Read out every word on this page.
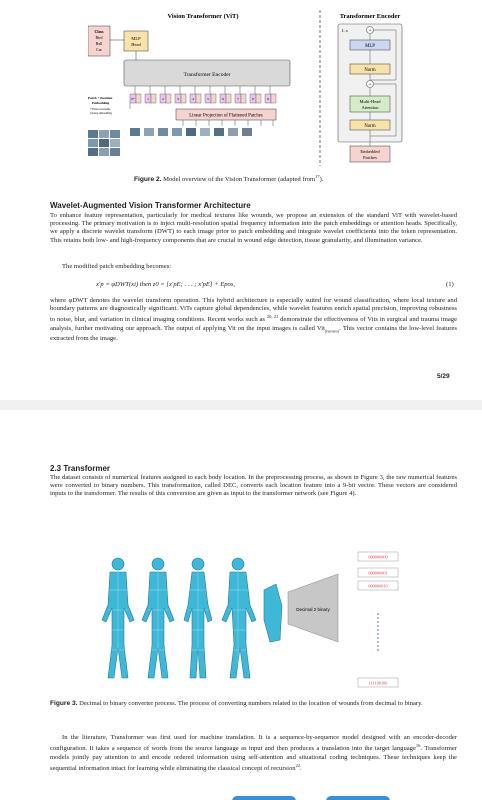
Vision Transformer (ViT)
Class
Bird
Ball
Car
MLP
Head
Transformer Encoder
0*	1	2	3	4	5	6	7	8	9
Patch + Position
Embedding
* Extra learnable
[class] embedding
Linear Projection of Flattened Patches
Transformer Encoder
L x	+
MLP
Norm
+
Multi-Head
Attention
Norm
Embedded
Patches
Figure 2. Model overview of the Vision Transformer (adapted from$^{17}$).
Wavelet-Augmented Vision Transformer Architecture
To enhance feature representation, particularly for medical textures like wounds, we propose an extension of the standard ViT with wavelet-based processing. The primary motivation is to inject multi-resolution spatial frequency information into the patch embeddings or attention heads. Specifically, we apply a discrete wavelet transform (DWT) to each image prior to patch embedding and integrate wavelet coefficients into the token representation. This retains both low- and high-frequency components that are crucial in wound edge detection, tissue granularity, and illumination variance.
The modified patch embedding becomes:
x′p = φDWT(xi) then z0 = [x′pE; . . . ; x′pE] + Epos,	(1)
where φDWT denotes the wavelet transform operation. This hybrid architecture is especially suited for wound classification, where local texture and boundary patterns are diagnostically significant. ViTs capture global dependencies, while wavelet features enrich spatial precision, improving robustness to noise, blur, and variation in clinical imaging conditions. Recent works such as $^{20, 21}$ demonstrate the effectiveness of Vits in surgical and trauma image analysis, further motivating our approach. The output of applying Vit on the input images is called Vit$_{features}$. This vector contains the low-level features extracted from the image.
5/29
2.3 Transformer
The dataset consists of numerical features assigned to each body location. In the preprocessing process, as shown in Figure 3, the raw numerical features were converted to binary numbers. This transformation, called DEC, converts each location feature into a 9-bit vector. These vectors are considered inputs to the transformer. The results of this conversion are given as input to the transformer network (see Figure 4).
Decimal 2 binary
000000000
000000001
000000010
111100100
Figure 3. Decimal to binary converter process. The process of converting numbers related to the location of wounds from decimal to binary.
In the literature, Transformer was first used for machine translation. It is a sequence-by-sequence model designed with an encoder-decoder configuration. It takes a sequence of words from the source language as input and then produces a translation into the target language$^{16}$. Transformer models jointly pay attention to and encode ordered information using self-attention and situational coding techniques. These techniques keep the sequential information intact for learning while eliminating the classical concept of recursion$^{22}$.
